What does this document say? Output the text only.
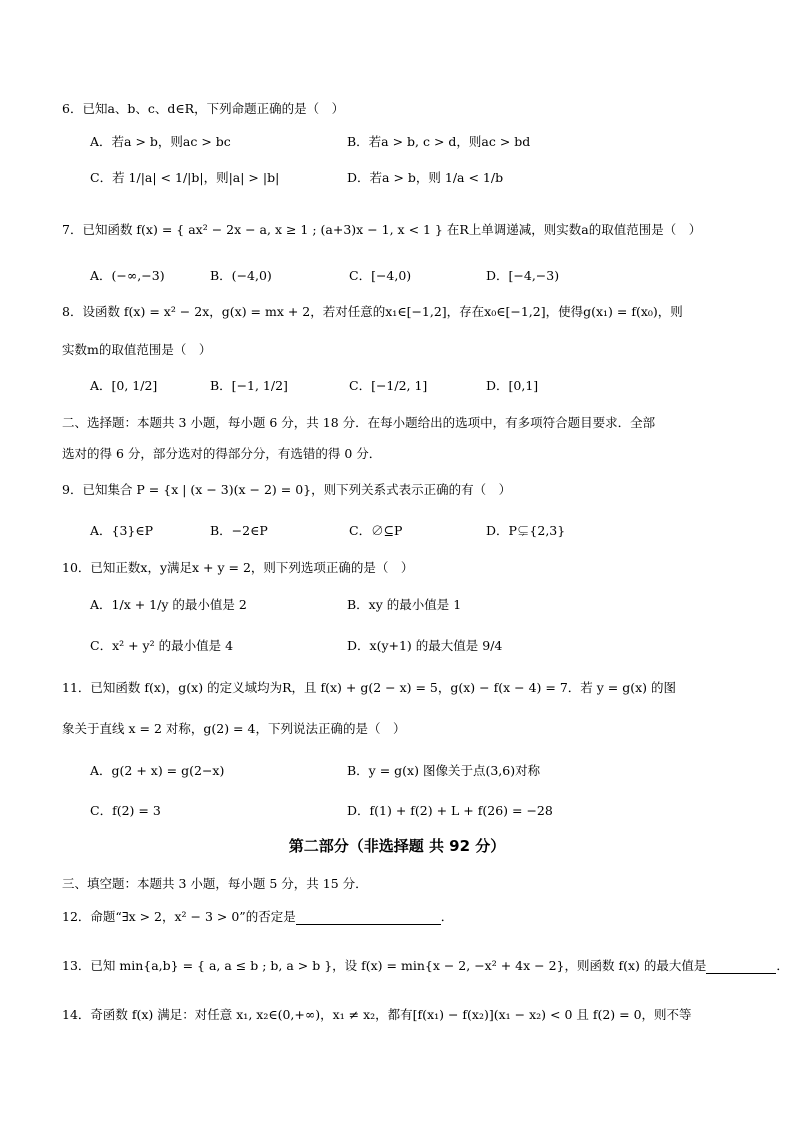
6．已知a、b、c、d∈R，下列命题正确的是（　）
A．若a > b，则ac > bc	B．若a > b, c > d，则ac > bd
C．若 1/|a| < 1/|b|，则|a| > |b|	D．若a > b，则 1/a < 1/b
7．已知函数 f(x) = { ax² − 2x − a, x ≥ 1 ; (a+3)x − 1, x < 1 } 在R上单调递减，则实数a的取值范围是（　）
A．(−∞,−3)	B．(−4,0)	C．[−4,0)	D．[−4,−3)
8．设函数 f(x) = x² − 2x，g(x) = mx + 2，若对任意的x₁∈[−1,2]，存在x₀∈[−1,2]，使得g(x₁) = f(x₀)，则
实数m的取值范围是（　）
A．[0, 1/2]	B．[−1, 1/2]	C．[−1/2, 1]	D．[0,1]
二、选择题：本题共 3 小题，每小题 6 分，共 18 分．在每小题给出的选项中，有多项符合题目要求．全部
选对的得 6 分，部分选对的得部分分，有选错的得 0 分．
9．已知集合 P = {x | (x − 3)(x − 2) = 0}，则下列关系式表示正确的有（　）
A．{3}∈P	B．−2∈P	C．∅⊆P	D．P⊊{2,3}
10．已知正数x，y满足x + y = 2，则下列选项正确的是（　）
A．1/x + 1/y 的最小值是 2	B．xy 的最小值是 1
C．x² + y² 的最小值是 4	D．x(y+1) 的最大值是 9/4
11．已知函数 f(x)，g(x) 的定义域均为R，且 f(x) + g(2 − x) = 5，g(x) − f(x − 4) = 7．若 y = g(x) 的图
象关于直线 x = 2 对称，g(2) = 4，下列说法正确的是（　）
A．g(2 + x) = g(2−x)	B．y = g(x) 图像关于点(3,6)对称
C．f(2) = 3	D．f(1) + f(2) + L + f(26) = −28
第二部分（非选择题 共 92 分）
三、填空题：本题共 3 小题，每小题 5 分，共 15 分．
12．命题“∃x > 2，x² − 3 > 0”的否定是	．
13．已知 min{a,b} = { a, a ≤ b ; b, a > b }，设 f(x) = min{x − 2, −x² + 4x − 2}，则函数 f(x) 的最大值是	．
14．奇函数 f(x) 满足：对任意 x₁, x₂∈(0,+∞)，x₁ ≠ x₂，都有[f(x₁) − f(x₂)](x₁ − x₂) < 0 且 f(2) = 0，则不等
